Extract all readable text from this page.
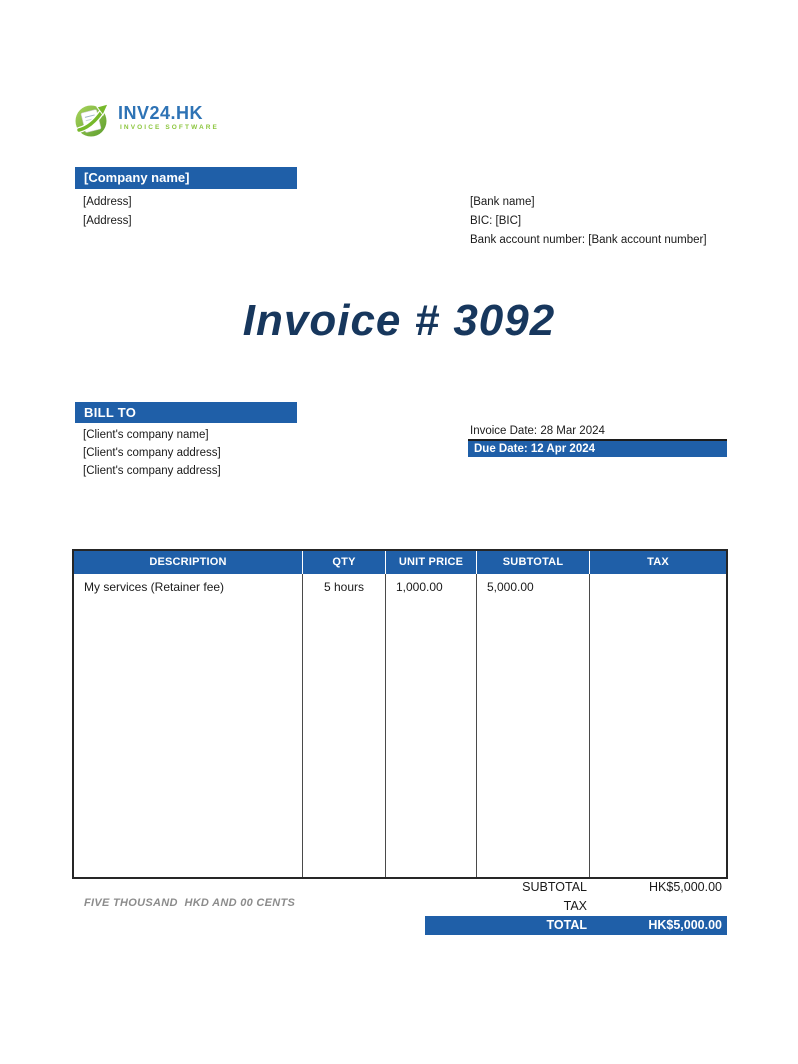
INV24.HK
INVOICE SOFTWARE
[Company name]
[Address]
[Address]
[Bank name]
BIC: [BIC]
Bank account number: [Bank account number]
Invoice # 3092
BILL TO
[Client's company name]
[Client's company address]
[Client's company address]
Invoice Date: 28 Mar 2024
Due Date: 12 Apr 2024
DESCRIPTION	QTY	UNIT PRICE	SUBTOTAL	TAX
My services (Retainer fee)	5 hours	1,000.00	5,000.00
SUBTOTAL	HK$5,000.00
TAX
TOTAL	HK$5,000.00
FIVE THOUSAND  HKD AND 00 CENTS
